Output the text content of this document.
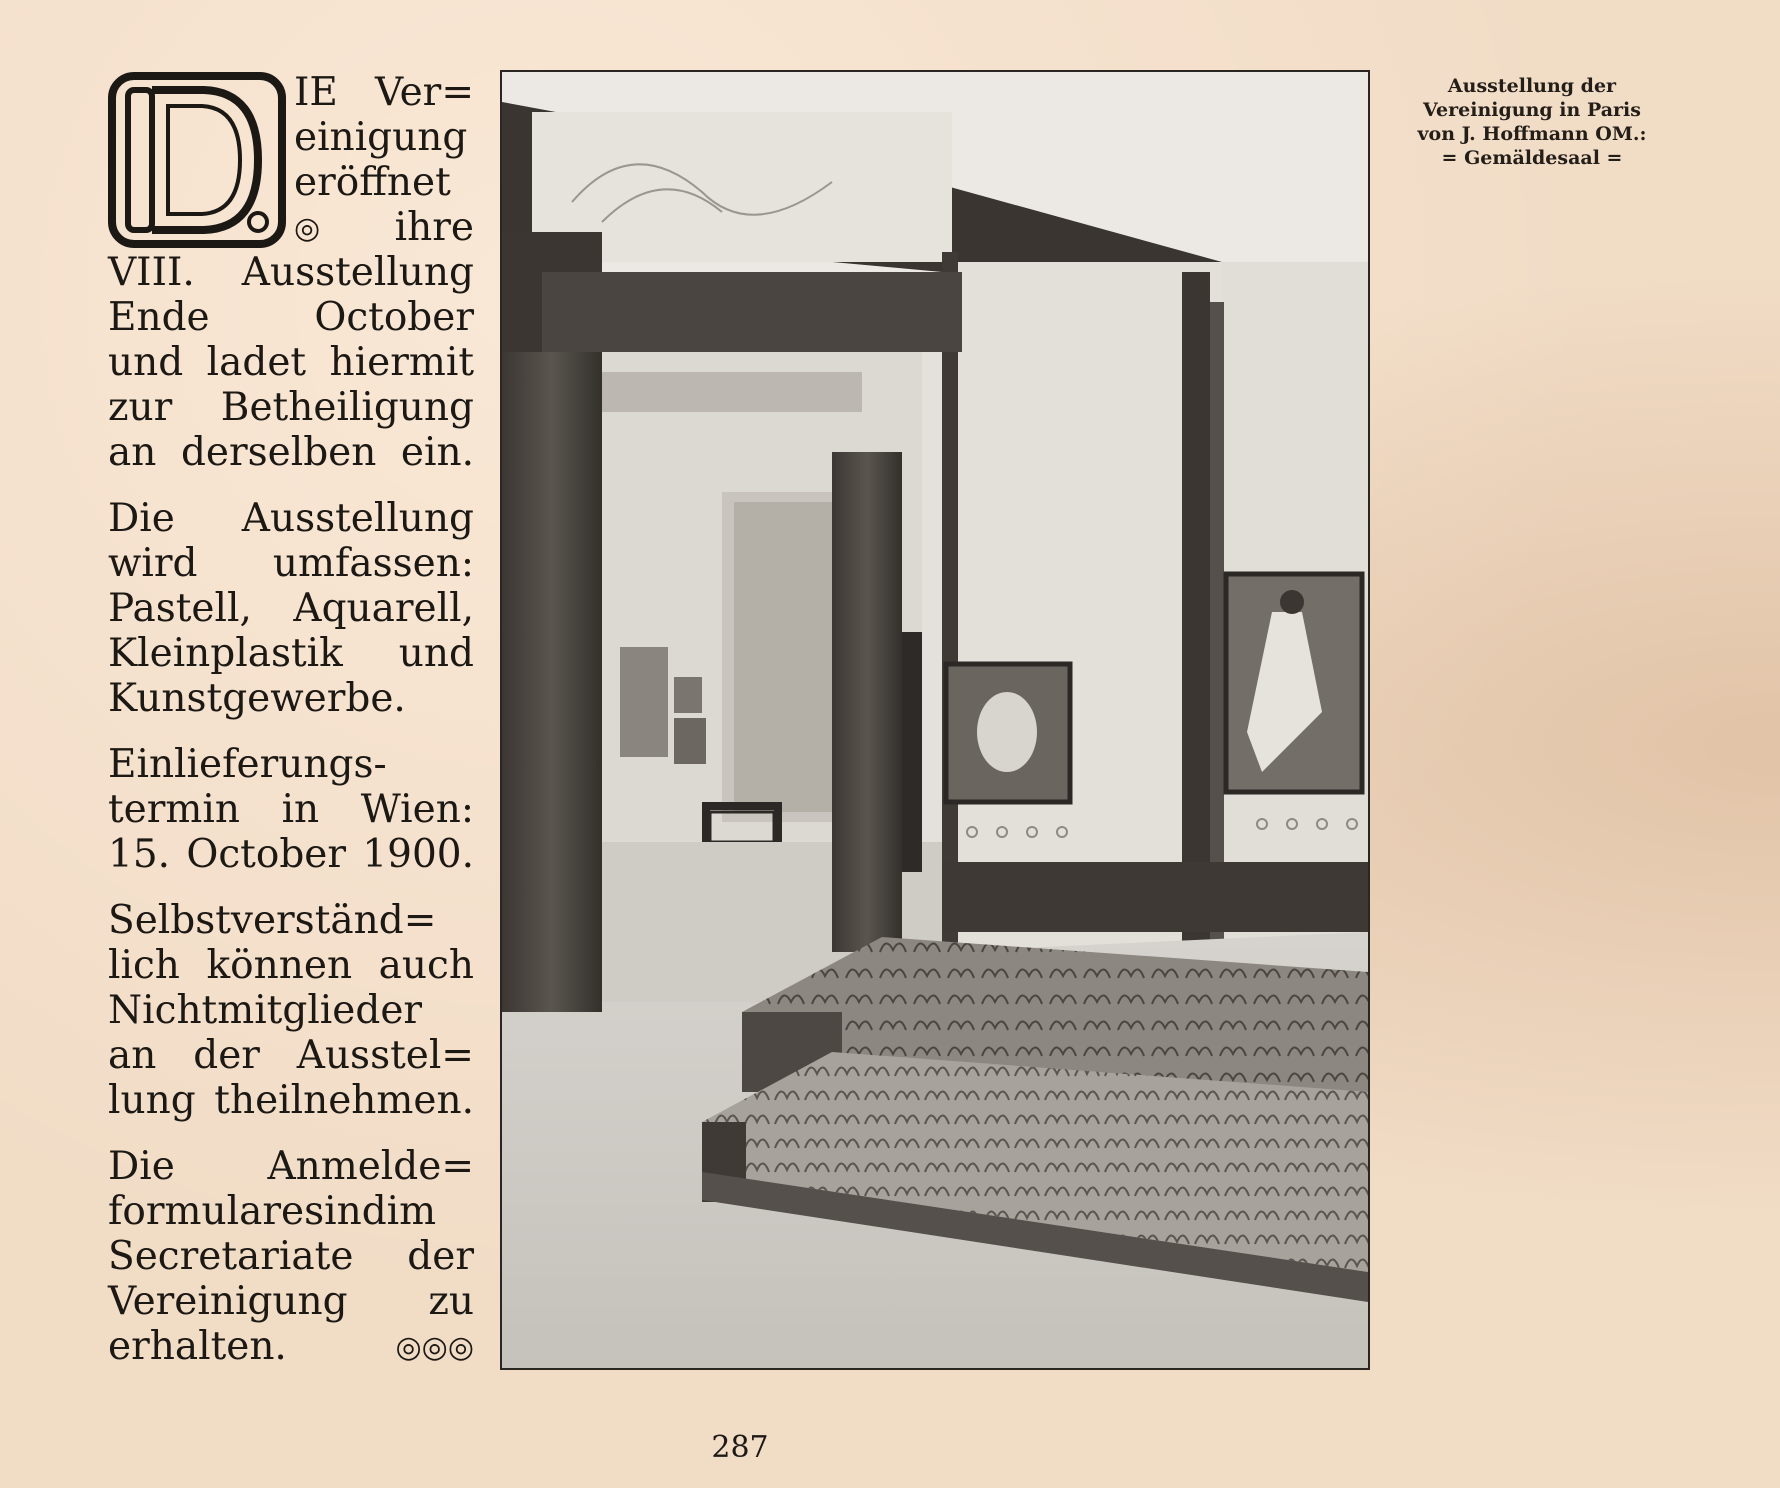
D	IE Ver=
einigung
eröffnet
◎ ihre
VIII. Ausstellung
Ende October
und ladet hiermit
zur Betheiligung
an derselben ein.

Die Ausstellung
wird umfassen:
Pastell, Aquarell,
Kleinplastik und
Kunstgewerbe.

Einlieferungs-
termin in Wien:
15. October 1900.

Selbstverständ=
lich können auch
Nichtmitglieder
an der Ausstel=
lung theilnehmen.

Die Anmelde=
formularesindim
Secretariate der
Vereinigung zu
erhalten.	◎◎◎

Ausstellung der
Vereinigung in Paris
von J. Hoffmann OM.:
= Gemäldesaal =
287
